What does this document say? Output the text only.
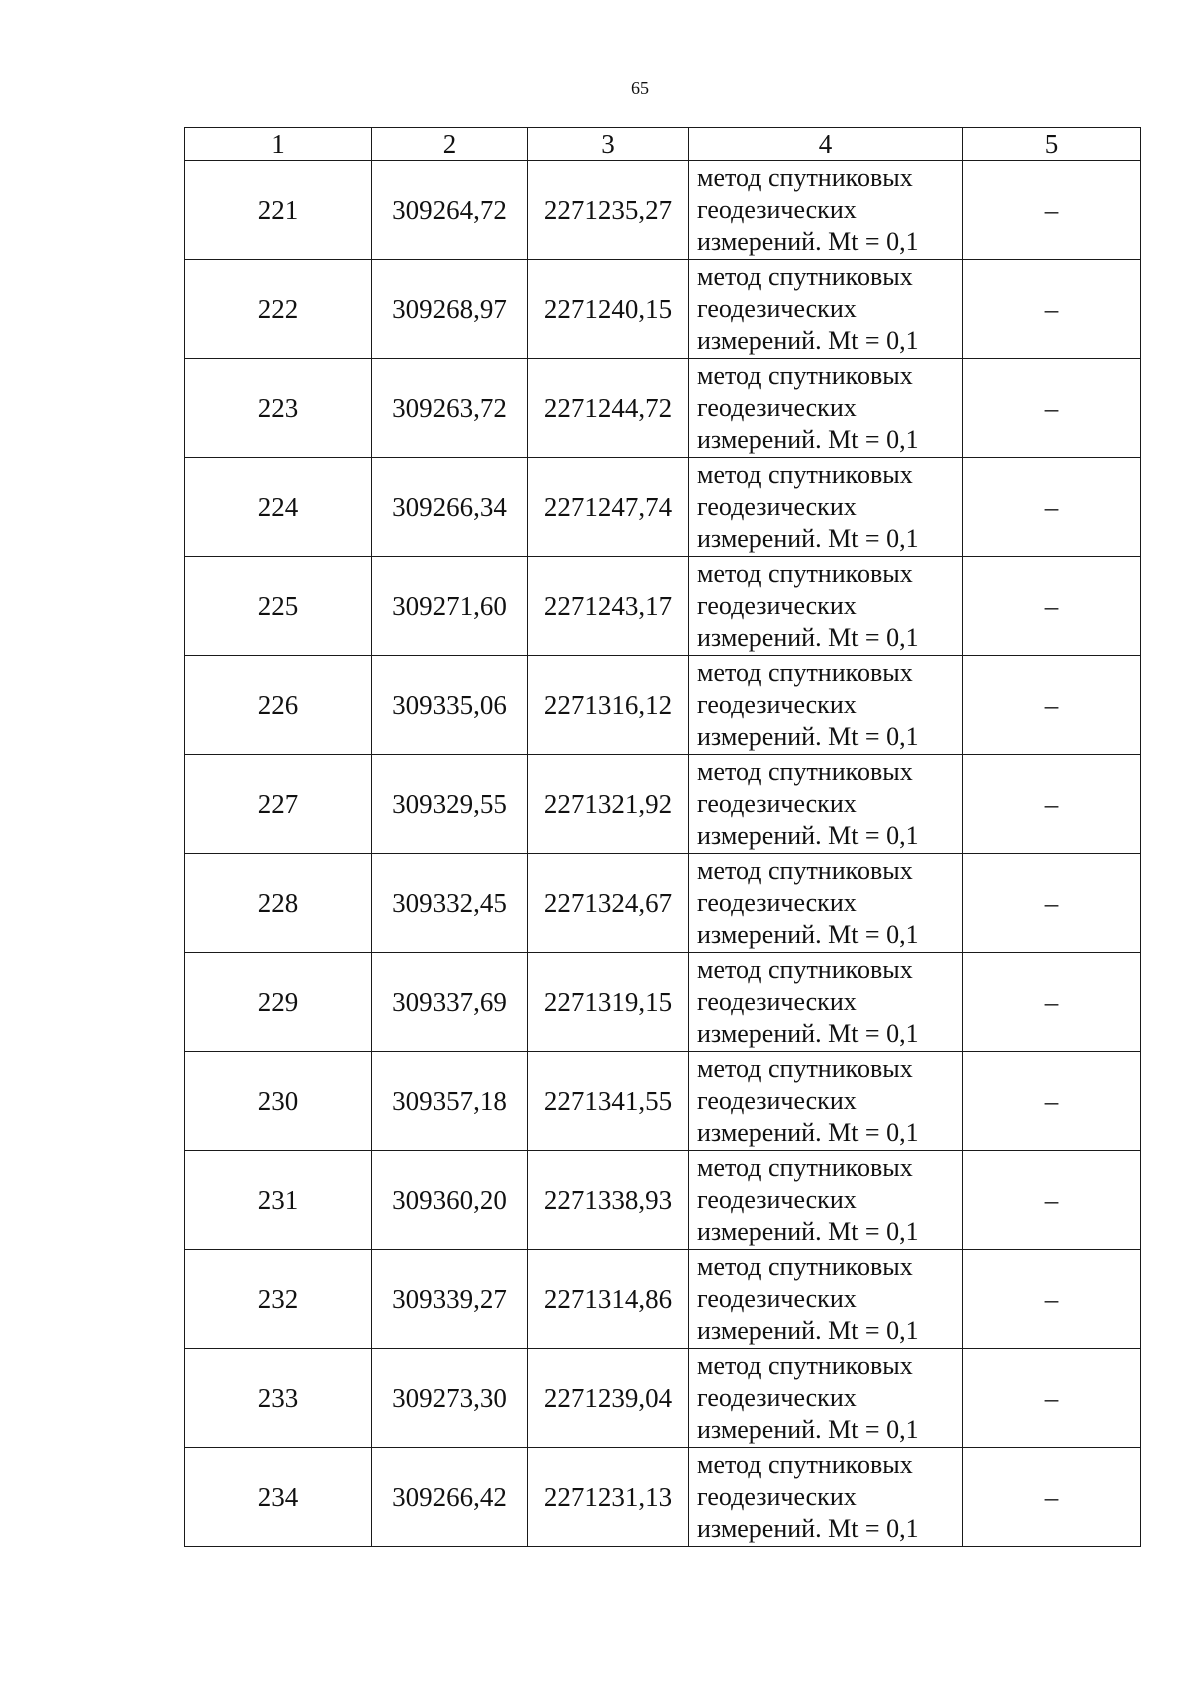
65
1	2	3	4	5
221	309264,72	2271235,27	метод спутниковых геодезических измерений. Mt = 0,1	–
222	309268,97	2271240,15	метод спутниковых геодезических измерений. Mt = 0,1	–
223	309263,72	2271244,72	метод спутниковых геодезических измерений. Mt = 0,1	–
224	309266,34	2271247,74	метод спутниковых геодезических измерений. Mt = 0,1	–
225	309271,60	2271243,17	метод спутниковых геодезических измерений. Mt = 0,1	–
226	309335,06	2271316,12	метод спутниковых геодезических измерений. Mt = 0,1	–
227	309329,55	2271321,92	метод спутниковых геодезических измерений. Mt = 0,1	–
228	309332,45	2271324,67	метод спутниковых геодезических измерений. Mt = 0,1	–
229	309337,69	2271319,15	метод спутниковых геодезических измерений. Mt = 0,1	–
230	309357,18	2271341,55	метод спутниковых геодезических измерений. Mt = 0,1	–
231	309360,20	2271338,93	метод спутниковых геодезических измерений. Mt = 0,1	–
232	309339,27	2271314,86	метод спутниковых геодезических измерений. Mt = 0,1	–
233	309273,30	2271239,04	метод спутниковых геодезических измерений. Mt = 0,1	–
234	309266,42	2271231,13	метод спутниковых геодезических измерений. Mt = 0,1	–
